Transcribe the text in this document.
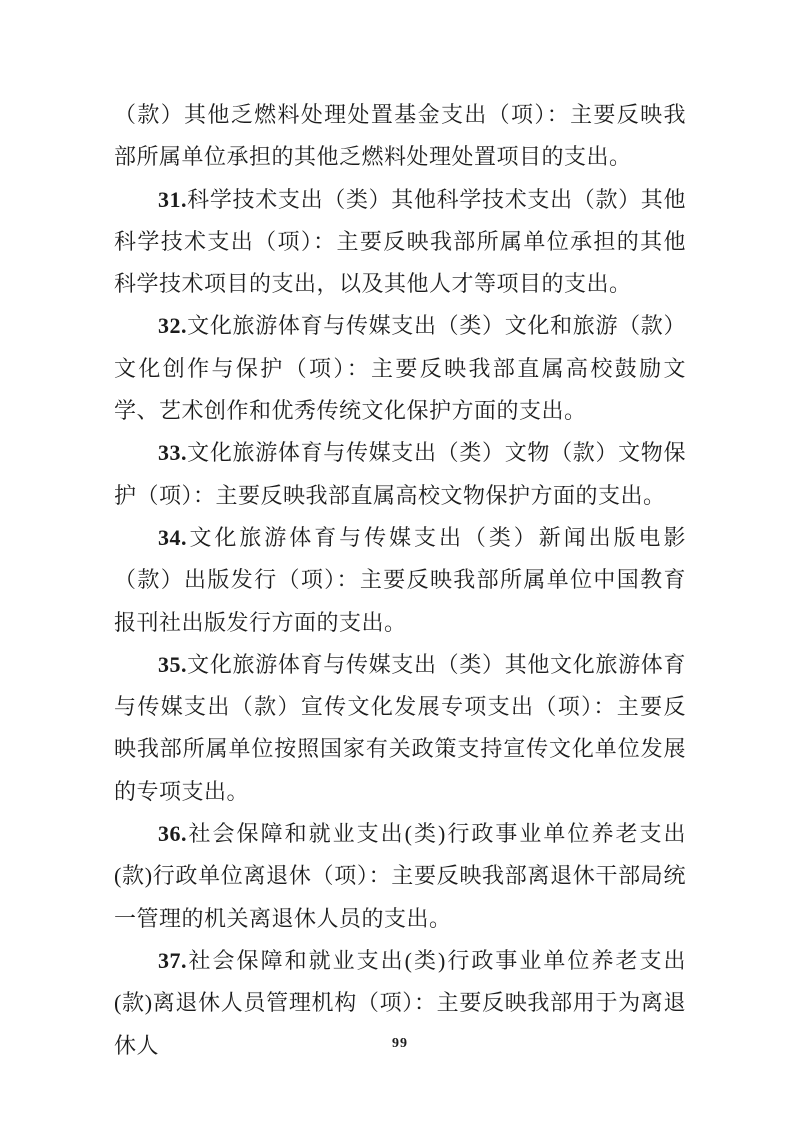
（款）其他乏燃料处理处置基金支出（项）：主要反映我部所属单位承担的其他乏燃料处理处置项目的支出。

31.科学技术支出（类）其他科学技术支出（款）其他科学技术支出（项）：主要反映我部所属单位承担的其他科学技术项目的支出，以及其他人才等项目的支出。

32.文化旅游体育与传媒支出（类）文化和旅游（款）文化创作与保护（项）：主要反映我部直属高校鼓励文学、艺术创作和优秀传统文化保护方面的支出。

33.文化旅游体育与传媒支出（类）文物（款）文物保护（项）：主要反映我部直属高校文物保护方面的支出。

34.文化旅游体育与传媒支出（类）新闻出版电影（款）出版发行（项）：主要反映我部所属单位中国教育报刊社出版发行方面的支出。

35.文化旅游体育与传媒支出（类）其他文化旅游体育与传媒支出（款）宣传文化发展专项支出（项）：主要反映我部所属单位按照国家有关政策支持宣传文化单位发展的专项支出。

36.社会保障和就业支出(类)行政事业单位养老支出(款)行政单位离退休（项）：主要反映我部离退休干部局统一管理的机关离退休人员的支出。

37.社会保障和就业支出(类)行政事业单位养老支出(款)离退休人员管理机构（项）：主要反映我部用于为离退休人	99
